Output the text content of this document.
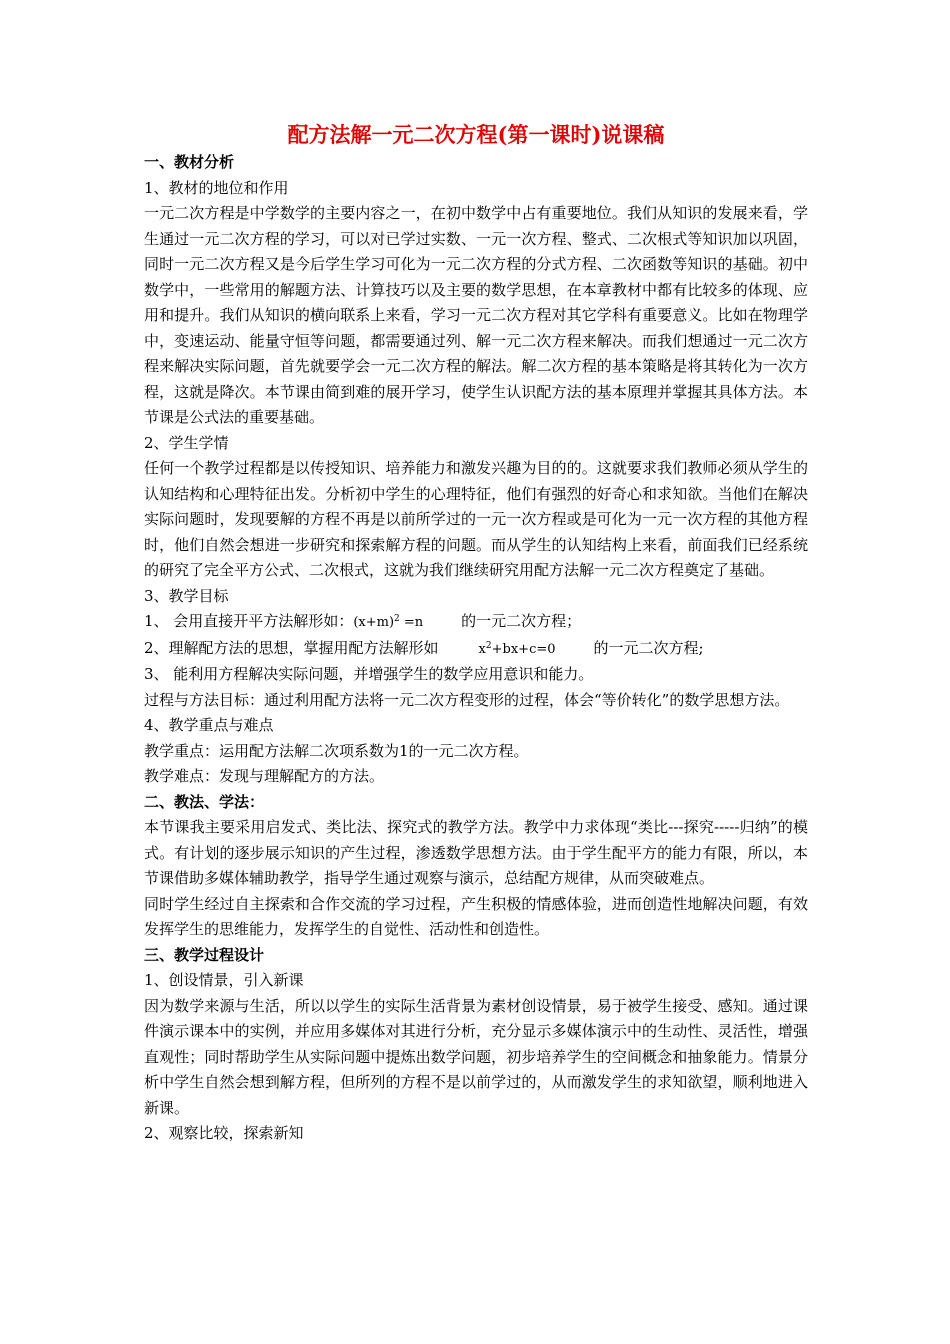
配方法解一元二次方程(第一课时)说课稿
一、教材分析
1、教材的地位和作用
一元二次方程是中学数学的主要内容之一，在初中数学中占有重要地位。我们从知识的发展来看，学生通过一元二次方程的学习，可以对已学过实数、一元一次方程、整式、二次根式等知识加以巩固，同时一元二次方程又是今后学生学习可化为一元二次方程的分式方程、二次函数等知识的基础。初中数学中，一些常用的解题方法、计算技巧以及主要的数学思想，在本章教材中都有比较多的体现、应用和提升。我们从知识的横向联系上来看，学习一元二次方程对其它学科有重要意义。比如在物理学中，变速运动、能量守恒等问题，都需要通过列、解一元二次方程来解决。而我们想通过一元二次方程来解决实际问题，首先就要学会一元二次方程的解法。解二次方程的基本策略是将其转化为一次方程，这就是降次。本节课由简到难的展开学习，使学生认识配方法的基本原理并掌握其具体方法。本节课是公式法的重要基础。
2、学生学情
任何一个教学过程都是以传授知识、培养能力和激发兴趣为目的的。这就要求我们教师必须从学生的认知结构和心理特征出发。分析初中学生的心理特征，他们有强烈的好奇心和求知欲。当他们在解决实际问题时，发现要解的方程不再是以前所学过的一元一次方程或是可化为一元一次方程的其他方程时，他们自然会想进一步研究和探索解方程的问题。而从学生的认知结构上来看，前面我们已经系统的研究了完全平方公式、二次根式，这就为我们继续研究用配方法解一元二次方程奠定了基础。
3、教学目标
1、 会用直接开平方法解形如：$(x+m)^2 =n$	的一元二次方程；
2、理解配方法的思想，掌握用配方法解形如	$x^2+bx+c=0$	的一元二次方程;
3、 能利用方程解决实际问题，并增强学生的数学应用意识和能力。
过程与方法目标：通过利用配方法将一元二次方程变形的过程，体会“等价转化”的数学思想方法。
4、教学重点与难点
教学重点：运用配方法解二次项系数为1的一元二次方程。
教学难点：发现与理解配方的方法。
二、教法、学法：
本节课我主要采用启发式、类比法、探究式的教学方法。教学中力求体现“类比---探究-----归纳”的模式。有计划的逐步展示知识的产生过程，渗透数学思想方法。由于学生配平方的能力有限，所以，本节课借助多媒体辅助教学，指导学生通过观察与演示，总结配方规律，从而突破难点。
同时学生经过自主探索和合作交流的学习过程，产生积极的情感体验，进而创造性地解决问题，有效发挥学生的思维能力，发挥学生的自觉性、活动性和创造性。
三、教学过程设计
1、创设情景，引入新课
因为数学来源与生活，所以以学生的实际生活背景为素材创设情景，易于被学生接受、感知。通过课件演示课本中的实例，并应用多媒体对其进行分析，充分显示多媒体演示中的生动性、灵活性，增强直观性；同时帮助学生从实际问题中提炼出数学问题，初步培养学生的空间概念和抽象能力。情景分析中学生自然会想到解方程，但所列的方程不是以前学过的，从而激发学生的求知欲望，顺利地进入新课。
2、观察比较，探索新知
